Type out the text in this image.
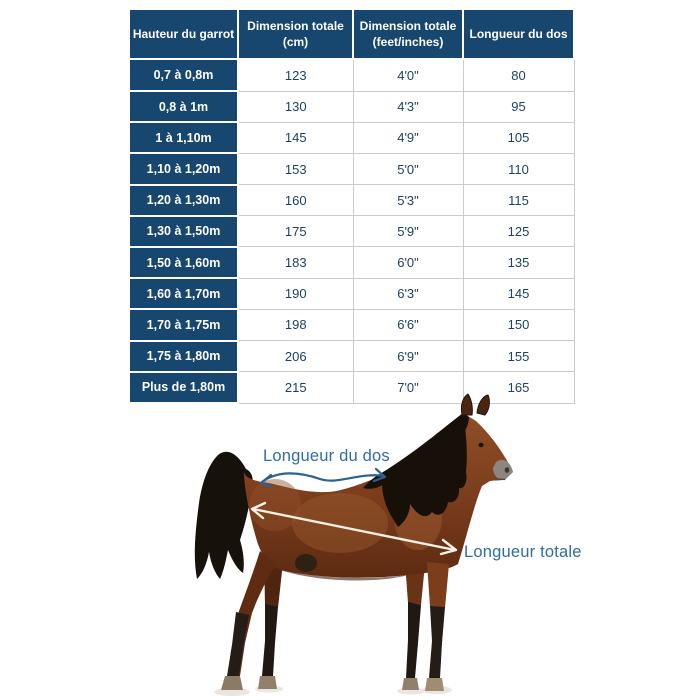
Hauteur du garrot	Dimension totale (cm)	Dimension totale (feet/inches)	Longueur du dos
0,7 à 0,8m	123	4'0"	80
0,8 à 1m	130	4'3"	95
1 à 1,10m	145	4'9"	105
1,10 à 1,20m	153	5'0"	110
1,20 à 1,30m	160	5'3"	115
1,30 à 1,50m	175	5'9"	125
1,50 à 1,60m	183	6'0"	135
1,60 à 1,70m	190	6'3"	145
1,70 à 1,75m	198	6'6"	150
1,75 à 1,80m	206	6'9"	155
Plus de 1,80m	215	7'0"	165
Longueur du dos
Longueur totale
